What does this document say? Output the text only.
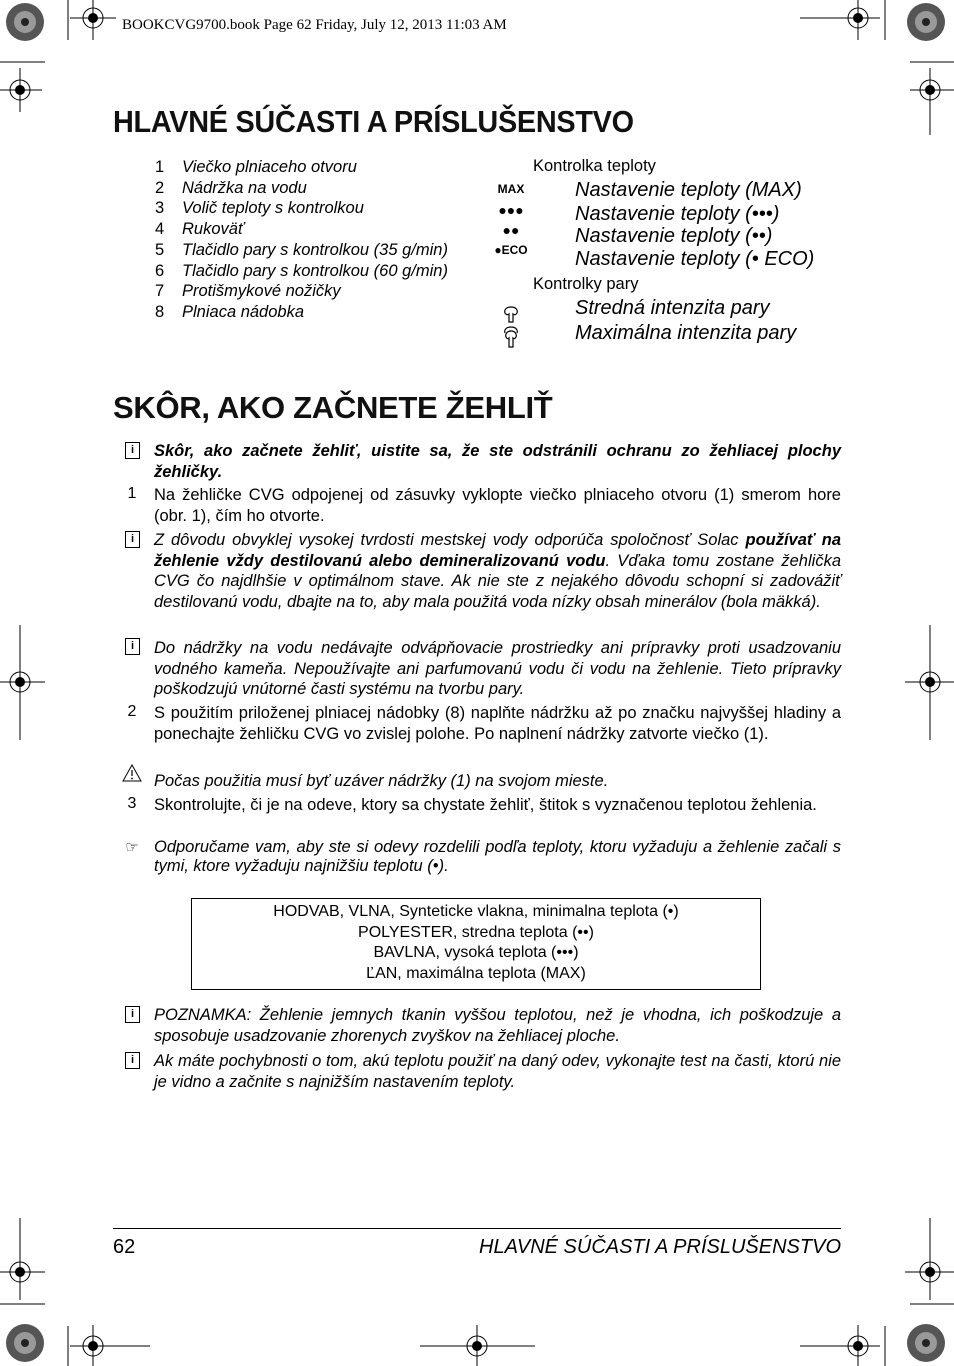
BOOKCVG9700.book Page 62 Friday, July 12, 2013 11:03 AM
HLAVNÉ SÚČASTI A PRÍSLUŠENSTVO
1	Viečko plniaceho otvoru
2	Nádržka na vodu
3	Volič teploty s kontrolkou
4	Rukoväť
5	Tlačidlo pary s kontrolkou (35 g/min)
6	Tlačidlo pary s kontrolkou (60 g/min)
7	Protišmykové nožičky
8	Plniaca nádobka
Kontrolka teploty
MAX	Nastavenie teploty (MAX)
●●●	Nastavenie teploty (•••)
●●	Nastavenie teploty (••)
●ECO Nastavenie teploty (• ECO)
Kontrolky pary
Stredná intenzita pary
Maximálna intenzita pary
SKÔR, AKO ZAČNETE ŽEHLIŤ
i	Skôr, ako začnete žehliť, uistite sa, že ste odstránili ochranu zo žehliacej plochy žehličky.
1	Na žehličke CVG odpojenej od zásuvky vyklopte viečko plniaceho otvoru (1) smerom hore (obr. 1), čím ho otvorte.
i	Z dôvodu obvyklej vysokej tvrdosti mestskej vody odporúča spoločnosť Solac používať na žehlenie vždy destilovanú alebo demineralizovanú vodu. Vďaka tomu zostane žehlička CVG čo najdlhšie v optimálnom stave. Ak nie ste z nejakého dôvodu schopní si zadovážiť destilovanú vodu, dbajte na to, aby mala použitá voda nízky obsah minerálov (bola mäkká).
i	Do nádržky na vodu nedávajte odvápňovacie prostriedky ani prípravky proti usadzovaniu vodného kameňa. Nepoužívajte ani parfumovanú vodu či vodu na žehlenie. Tieto prípravky poškodzujú vnútorné časti systému na tvorbu pary.
2	S použitím priloženej plniacej nádobky (8) naplňte nádržku až po značku najvyššej hladiny a ponechajte žehličku CVG vo zvislej polohe. Po naplnení nádržky zatvorte viečko (1).
Počas použitia musí byť uzáver nádržky (1) na svojom mieste.
3	Skontrolujte, či je na odeve, ktory sa chystate žehliť, štitok s vyznačenou teplotou žehlenia.
☞ Odporučame vam, aby ste si odevy rozdelili podľa teploty, ktoru vyžaduju a žehlenie začali s tymi, ktore vyžaduju najnižšiu teplotu (•).
HODVAB, VLNA, Synteticke vlakna, minimalna teplota (•)
POLYESTER, stredna teplota (••)
BAVLNA, vysoká teplota (•••)
ĽAN, maximálna teplota (MAX)
i	POZNAMKA: Žehlenie jemnych tkanin vyššou teplotou, než je vhodna, ich poškodzuje a sposobuje usadzovanie zhorenych zvyškov na žehliacej ploche.
i	Ak máte pochybnosti o tom, akú teplotu použiť na daný odev, vykonajte test na časti, ktorú nie je vidno a začnite s najnižším nastavením teploty.
62	HLAVNÉ SÚČASTI A PRÍSLUŠENSTVO
